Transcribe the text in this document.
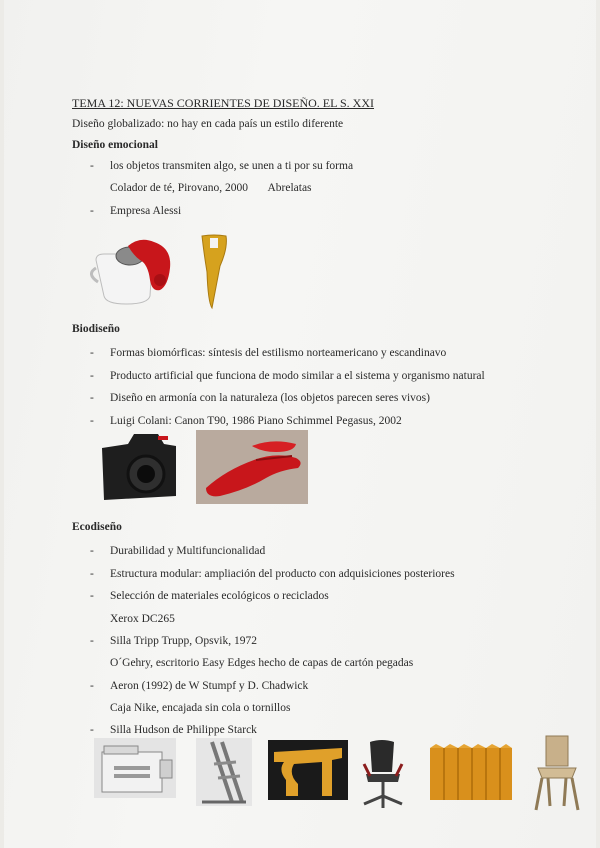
TEMA 12: NUEVAS CORRIENTES DE DISEÑO. EL S. XXI

Diseño globalizado: no hay en cada país un estilo diferente

Diseño emocional

- los objetos transmiten algo, se unen a ti por su forma
Colador de té, Pirovano, 2000       Abrelatas
- Empresa Alessi

Biodiseño

- Formas biomórficas: síntesis del estilismo norteamericano y escandinavo
- Producto artificial que funciona de modo similar a el sistema y organismo natural
- Diseño en armonía con la naturaleza (los objetos parecen seres vivos)
- Luigi Colani: Canon T90, 1986 Piano Schimmel Pegasus, 2002

Ecodiseño

- Durabilidad y Multifuncionalidad
- Estructura modular: ampliación del producto con adquisiciones posteriores
- Selección de materiales ecológicos o reciclados
Xerox DC265
- Silla Tripp Trupp, Opsvik, 1972
O´Gehry, escritorio Easy Edges hecho de capas de cartón pegadas
- Aeron (1992) de W Stumpf y D. Chadwick
Caja Nike, encajada sin cola o tornillos
- Silla Hudson de Philippe Starck
